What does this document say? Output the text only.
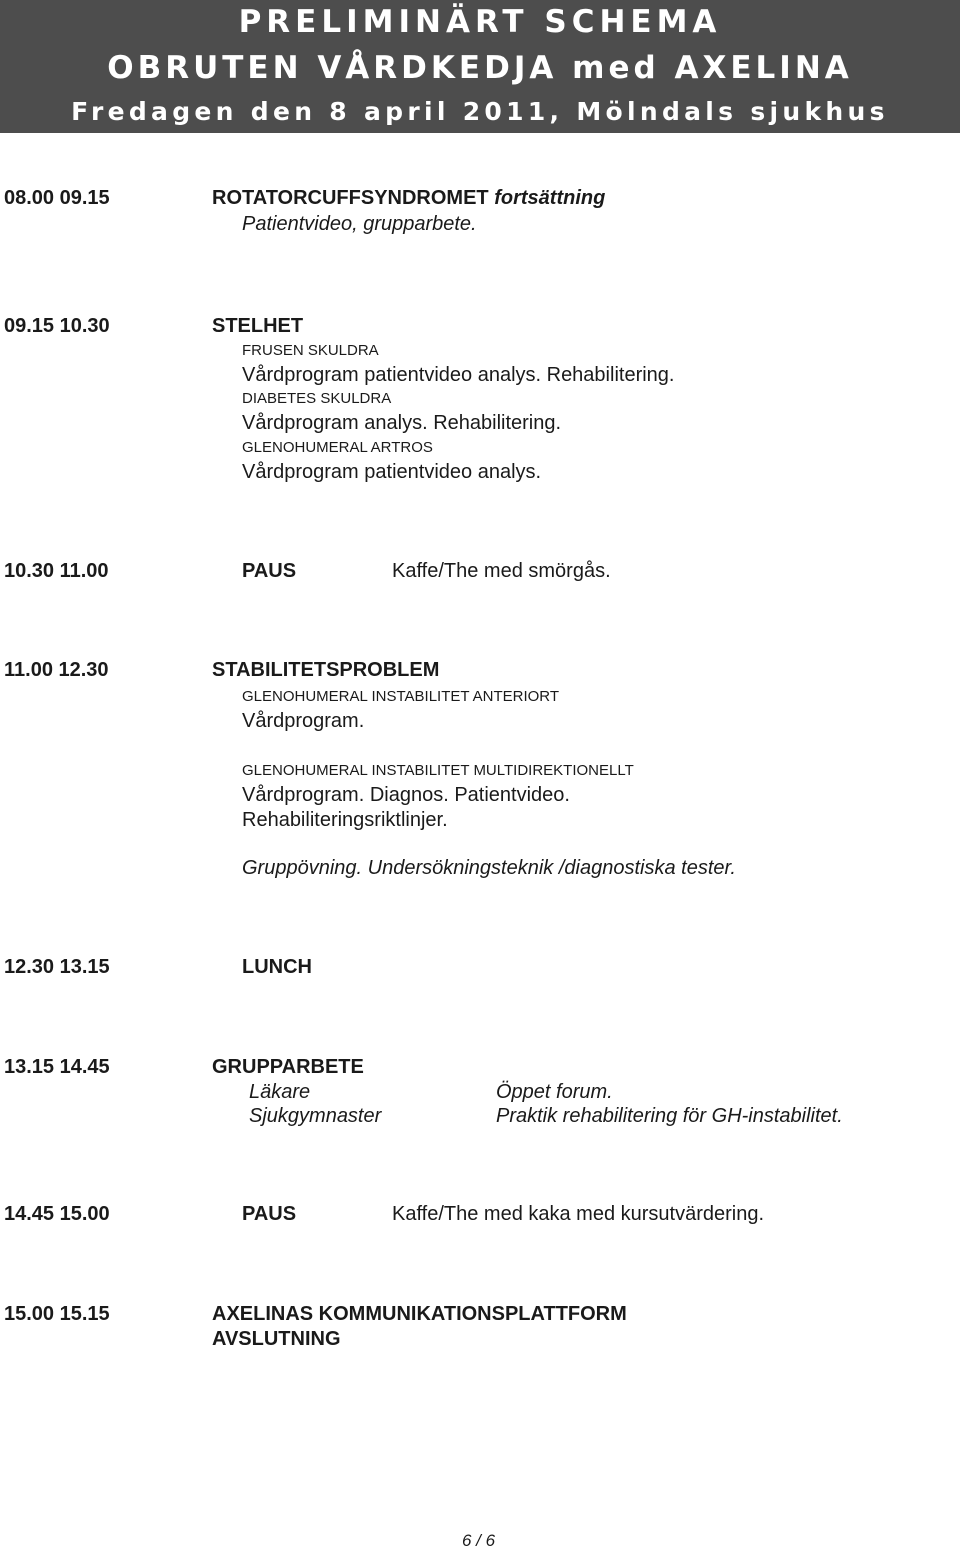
PRELIMINÄRT SCHEMA
OBRUTEN VÅRDKEDJA med AXELINA
Fredagen den 8 april 2011, Mölndals sjukhus
08.00 09.15	ROTATORCUFFSYNDROMET fortsättning
Patientvideo, grupparbete.
09.15 10.30	STELHET
FRUSEN SKULDRA
Vårdprogram patientvideo analys. Rehabilitering.
DIABETES SKULDRA
Vårdprogram analys. Rehabilitering.
GLENOHUMERAL ARTROS
Vårdprogram patientvideo analys.
10.30 11.00	PAUS	Kaffe/The med smörgås.
11.00 12.30	STABILITETSPROBLEM
GLENOHUMERAL INSTABILITET ANTERIORT
Vårdprogram.
GLENOHUMERAL INSTABILITET MULTIDIREKTIONELLT
Vårdprogram. Diagnos. Patientvideo.
Rehabiliteringsriktlinjer.
Gruppövning. Undersökningsteknik /diagnostiska tester.
12.30 13.15	LUNCH
13.15 14.45	GRUPPARBETE
Läkare	Öppet forum.
Sjukgymnaster	Praktik rehabilitering för GH-instabilitet.
14.45 15.00	PAUS	Kaffe/The med kaka med kursutvärdering.
15.00 15.15	AXELINAS KOMMUNIKATIONSPLATTFORM
AVSLUTNING
6 / 6
